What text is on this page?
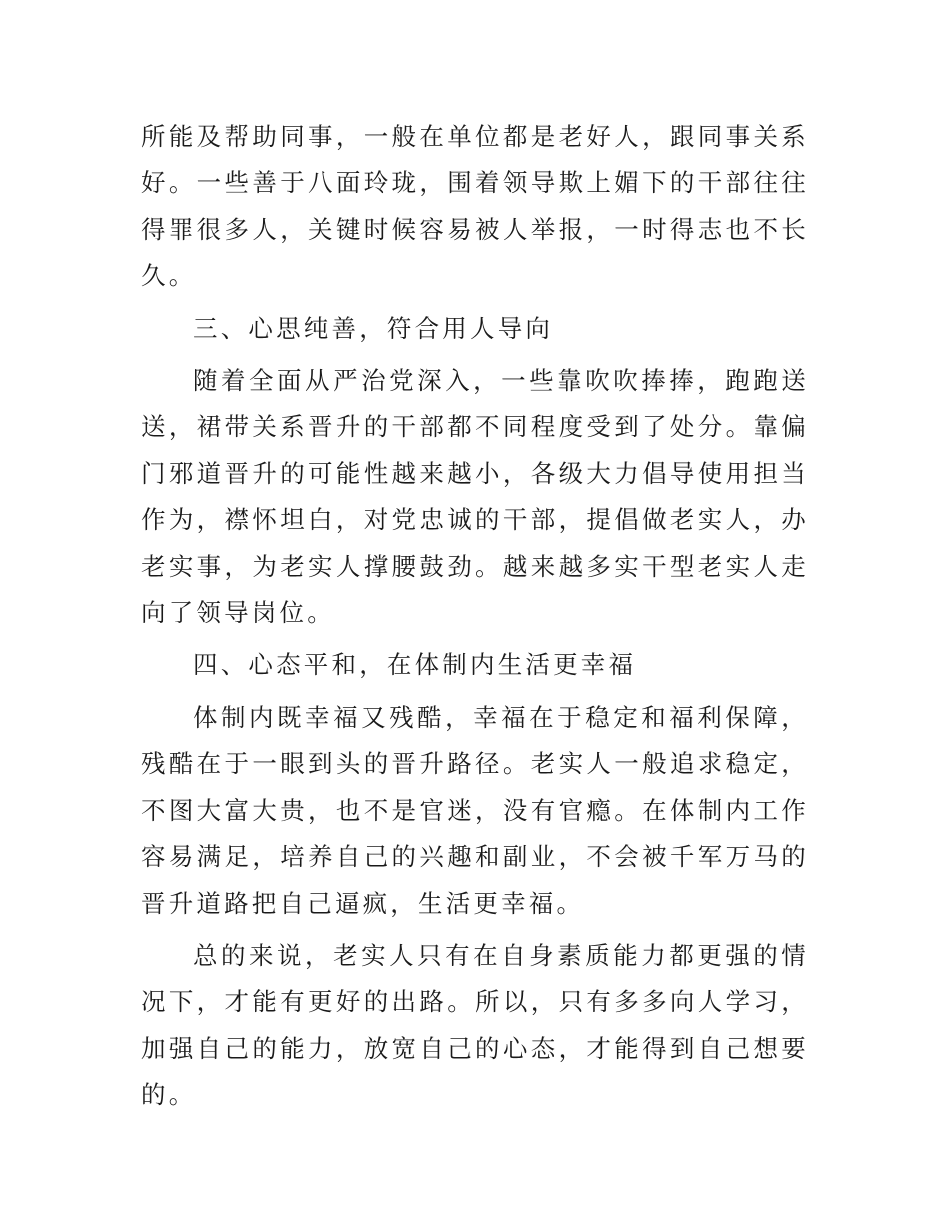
所能及帮助同事，一般在单位都是老好人，跟同事关系好。一些善于八面玲珑，围着领导欺上媚下的干部往往得罪很多人，关键时候容易被人举报，一时得志也不长久。

三、心思纯善，符合用人导向

随着全面从严治党深入，一些靠吹吹捧捧，跑跑送送，裙带关系晋升的干部都不同程度受到了处分。靠偏门邪道晋升的可能性越来越小，各级大力倡导使用担当作为，襟怀坦白，对党忠诚的干部，提倡做老实人，办老实事，为老实人撑腰鼓劲。越来越多实干型老实人走向了领导岗位。

四、心态平和，在体制内生活更幸福

体制内既幸福又残酷，幸福在于稳定和福利保障，残酷在于一眼到头的晋升路径。老实人一般追求稳定，不图大富大贵，也不是官迷，没有官瘾。在体制内工作容易满足，培养自己的兴趣和副业，不会被千军万马的晋升道路把自己逼疯，生活更幸福。

总的来说，老实人只有在自身素质能力都更强的情况下，才能有更好的出路。所以，只有多多向人学习，加强自己的能力，放宽自己的心态，才能得到自己想要的。
